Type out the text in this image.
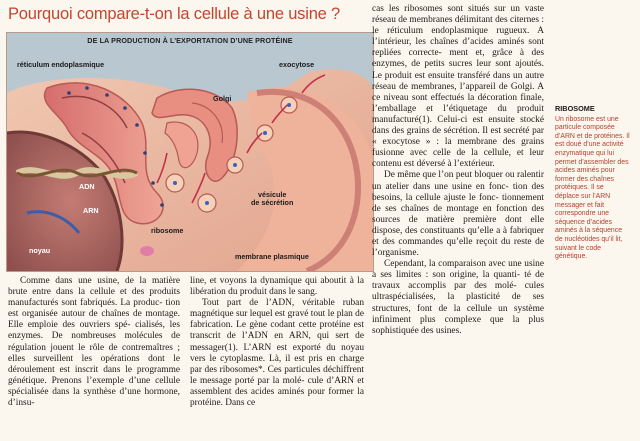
Pourquoi compare-t-on la cellule à une usine ?
DE LA PRODUCTION À L’EXPORTATION D’UNE PROTÉINE
réticulum endoplasmique	exocytose
Golgi
ADN
ARN
ribosome
vésicule
de sécrétion
noyau
membrane plasmique

Comme dans une usine, de la matière brute entre dans la cellule et des produits manufacturés sont fabriqués. La produc- tion est organisée autour de chaînes de montage. Elle emploie des ouvriers spé- cialisés, les enzymes. De nombreuses molécules de régulation jouent le rôle de contremaîtres ; elles surveillent les opérations dont le déroulement est inscrit dans le programme génétique. Prenons l’exemple d’une cellule spécialisée dans la synthèse d’une hormone, d’insu-

line, et voyons la dynamique qui aboutit à la libération du produit dans le sang.

Tout part de l’ADN, véritable ruban magnétique sur lequel est gravé tout le plan de fabrication. Le gène codant cette protéine est transcrit de l’ADN en ARN, qui sert de messager(1). L’ARN est exporté du noyau vers le cytoplasme. Là, il est pris en charge par des ribosomes*. Ces particules déchiffrent le message porté par la molé- cule d’ARN et assemblent des acides aminés pour former la protéine. Dans ce

cas les ribosomes sont situés sur un vaste réseau de membranes délimitant des citernes : le réticulum endoplasmique rugueux. A l’intérieur, les chaînes d’acides aminés sont repliées correcte- ment et, grâce à des enzymes, de petits sucres leur sont ajoutés. Le produit est ensuite transféré dans un autre réseau de membranes, l’appareil de Golgi. A ce niveau sont effectués la décoration finale, l’emballage et l’étiquetage du produit manufacturé(1). Celui-ci est ensuite stocké dans des grains de sécrétion. Il est secrété par « exocytose » : la membrane des grains fusionne avec celle de la cellule, et leur contenu est déversé à l’extérieur.

De même que l’on peut bloquer ou ralentir un atelier dans une usine en fonc- tion des besoins, la cellule ajuste le fonc- tionnement de ses chaînes de montage en fonction des sources de matière première dont elle dispose, des constituants qu’elle a à fabriquer et des commandes qu’elle reçoit du reste de l’organisme.

Cependant, la comparaison avec une usine a ses limites : son origine, la quanti- té de travaux accomplis par des molé- cules ultraspécialisées, la plasticité de ses structures, font de la cellule un système infiniment plus complexe que la plus sophistiquée des usines.

RIBOSOME
Un ribosome est une
particule composée
d’ARN et de protéines. Il
est doué d’une activité
enzymatique qui lui
permet d’assembler des
acides aminés pour
former des chaînes
protéiques. Il se
déplace sur l’ARN
messager et fait
correspondre une
séquence d’acides
aminés à la séquence
de nucléotides qu’il lit,
suivant le code
génétique.
